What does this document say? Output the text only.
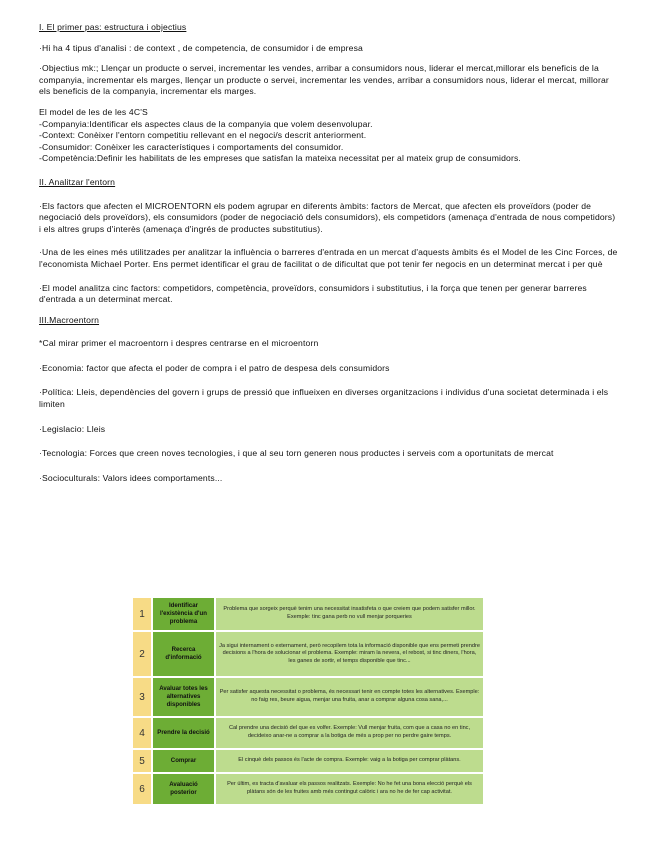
I. El primer pas: estructura i objectius

·Hi ha 4 tipus d'analisi : de context , de competencia, de consumidor i de empresa

·Objectius mk:; Llençar un producte o servei, incrementar les vendes, arribar a consumidors nous, liderar el mercat,millorar els beneficis de la companyia, incrementar els marges, llençar un producte o servei, incrementar les vendes, arribar a consumidors nous, liderar el mercat, millorar els beneficis de la companyia, incrementar els marges.

El model de les de les 4C'S

-Companyia:Identificar els aspectes claus de la companyia que volem desenvolupar.

-Context: Conèixer l'entorn competitiu rellevant en el negoci/s descrit anteriorment.

-Consumidor: Conèixer les característiques i comportaments del consumidor.

-Competència:Definir les habilitats de les empreses que satisfan la mateixa necessitat per al mateix grup de consumidors.

II. Analitzar l'entorn

·Els factors que afecten el MICROENTORN els podem agrupar en diferents àmbits: factors de Mercat, que afecten els proveïdors (poder de negociació dels proveïdors), els consumidors (poder de negociació dels consumidors), els competidors (amenaça d'entrada de nous competidors) i els altres grups d'interès (amenaça d'ingrés de productes substitutius).

·Una de les eines més utilitzades per analitzar la influència o barreres d'entrada en un mercat d'aquests àmbits és el Model de les Cinc Forces, de l'economista Michael Porter. Ens permet identificar el grau de facilitat o de dificultat que pot tenir fer negocis en un determinat mercat i per què

·El model analitza cinc factors: competidors, competència, proveïdors, consumidors i substitutius, i la força que tenen per generar barreres d'entrada a un determinat mercat.

III.Macroentorn

*Cal mirar primer el macroentorn i despres centrarse en el microentorn

·Economia: factor que afecta el poder de compra i el patro de despesa dels consumidors

·Política: Lleis, dependències del govern i grups de pressió que influeixen en diverses organitzacions i individus d'una societat determinada i els limiten

·Legislacio: Lleis

·Tecnologia: Forces que creen noves tecnologies, i que al seu torn generen nous productes i serveis com a oportunitats de mercat

·Socioculturals: Valors idees comportaments...

1	Identificar l'existència d'un problema	Problema que sorgeix perquè tenim una necessitat insatisfeta o que creiem que podem satisfer millor. Exemple: tinc gana perb no vull menjar porqueries
2	Recerca d'informació	Ja sigui internament o externament, però recopilem tota la informació disponible que ens permeti prendre decisions a l'hora de solucionar el problema. Exemple: miram la nevera, el rebost, si tinc diners, l'hora, les ganes de sortir, el temps disponible que tinc...
3	Avaluar totes les alternatives disponibles	Per satisfer aquesta necessitat o problema, és necessari tenir en compte totes les alternatives. Exemple: no faig res, beure aigua, menjar una fruita, anar a comprar alguna cosa sana,...
4	Prendre la decisió	Cal prendre una decisió del que es volfer. Exemple: Vull menjar fruita, com que a casa no en tinc, decideixo anar-ne a comprar a la botiga de més a prop per no perdre gaire temps.
5	Comprar	El cinquè dels passos és l'acte de compra. Exemple: vaig a la botiga per comprar plàtans.
6	Avaluació posterior	Per últim, es tracta d'avaluar els passos realitzats. Exemple: No he fet una bona elecció perquè els plàtans són de les fruites amb més contingut calòric i ara no he de fer cap activitat.
